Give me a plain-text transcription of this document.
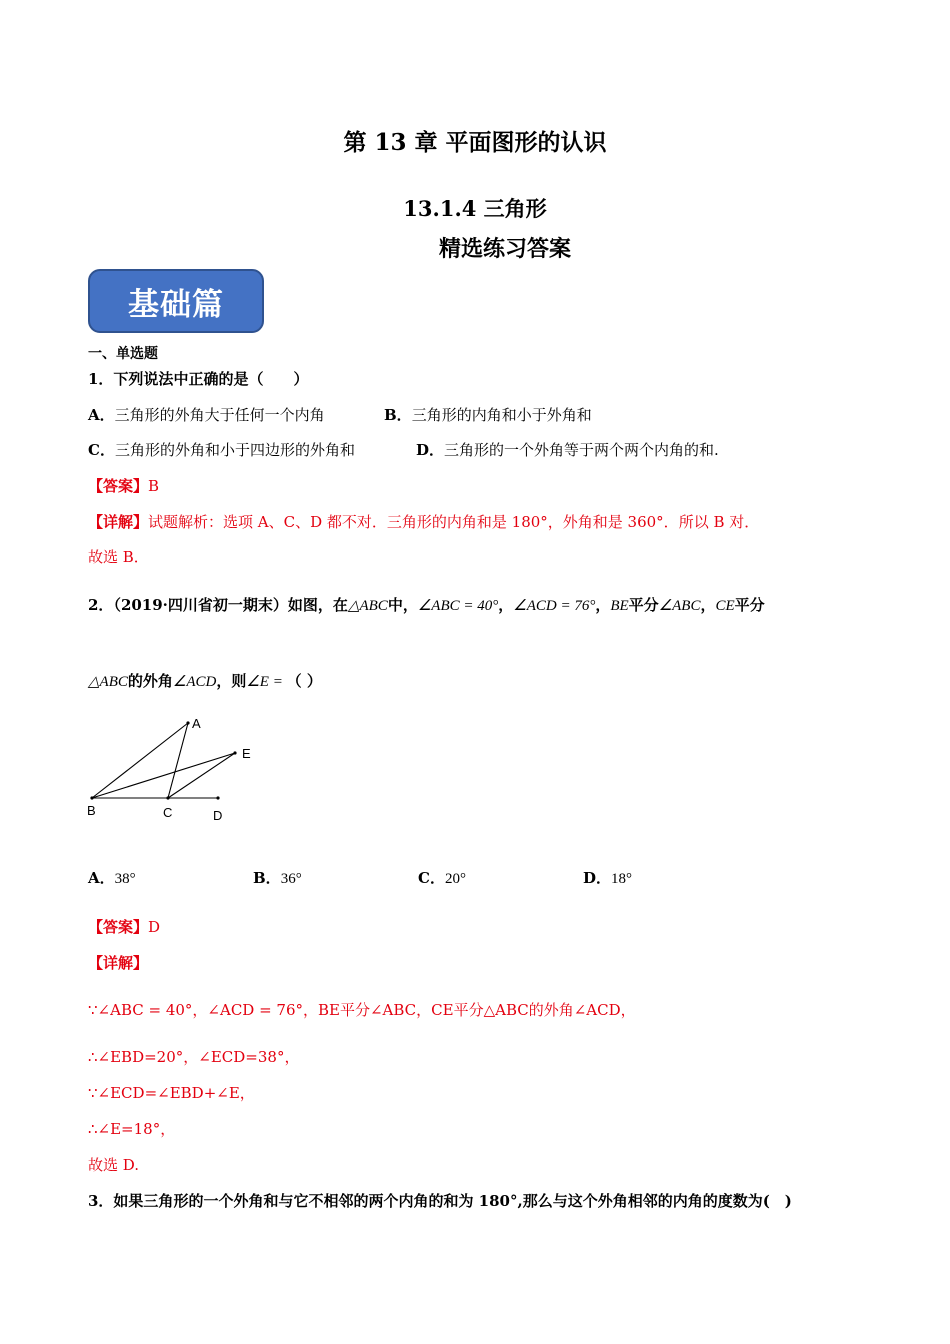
第 13 章 平面图形的认识
13.1.4 三角形
精选练习答案
基础篇
一、单选题
1．下列说法中正确的是（　　）
A．三角形的外角大于任何一个内角	B．三角形的内角和小于外角和
C．三角形的外角和小于四边形的外角和	D．三角形的一个外角等于两个两个内角的和.
【答案】B
【详解】试题解析：选项 A、C、D 都不对．三角形的内角和是 180°，外角和是 360°．所以 B 对．
故选 B．
2．（2019·四川省初一期末）如图，在△ABC中，∠ABC = 40°，∠ACD = 76°，BE平分∠ABC，CE平分
△ABC的外角∠ACD，则∠E = （ ）
A
B	C	D
E
A．38°	B．36°	C．20°	D．18°
【答案】D
【详解】
∵∠ABC = 40°，∠ACD = 76°，BE平分∠ABC，CE平分△ABC的外角∠ACD，
∴∠EBD=20°，∠ECD=38°，
∵∠ECD=∠EBD+∠E，
∴∠E=18°，
故选 D.
3．如果三角形的一个外角和与它不相邻的两个内角的和为 180°,那么与这个外角相邻的内角的度数为(　)
